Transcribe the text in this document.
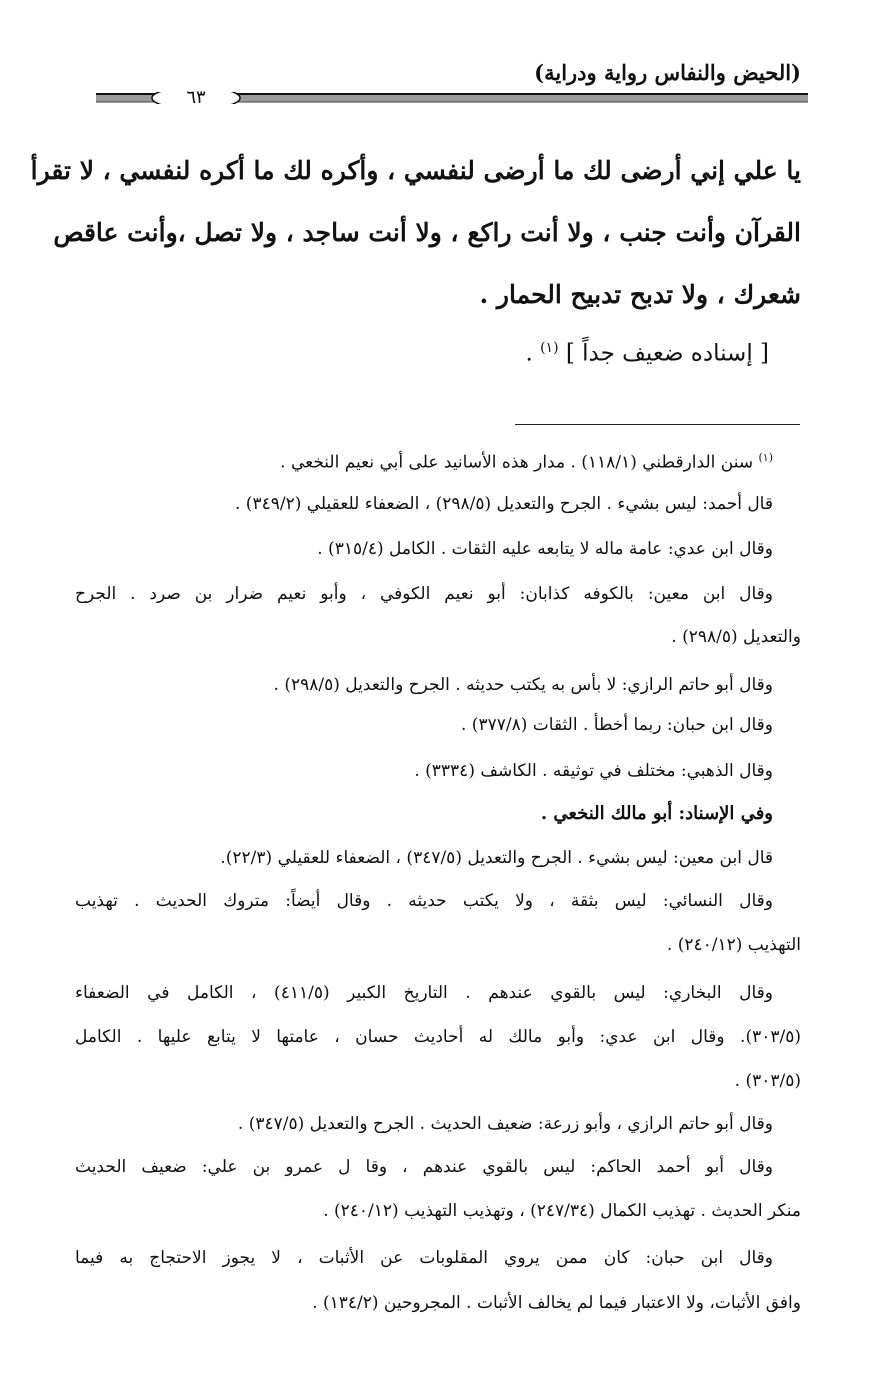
(الحيض والنفاس رواية ودراية)
٦٣
يا علي إني أرضى لك ما أرضى لنفسي ، وأكره لك ما أكره لنفسي ، لا تقرأ
القرآن وأنت جنب ، ولا أنت راكع ، ولا أنت ساجد ، ولا تصل ،وأنت عاقص
شعرك ، ولا تدبح تدبيح الحمار .
[ إسناده ضعيف جداً ] $^{(١)}$ .
$^{(١)}$ سنن الدارقطني (١١٨/١) . مدار هذه الأسانيد على أبي نعيم النخعي .
قال أحمد: ليس بشيء . الجرح والتعديل (٢٩٨/٥) ، الضعفاء للعقيلي (٣٤٩/٢) .
وقال ابن عدي: عامة ماله لا يتابعه عليه الثقات . الكامل (٣١٥/٤) .
وقال ابن معين: بالكوفه كذابان: أبو نعيم الكوفي ، وأبو نعيم ضرار بن صرد . الجرح
والتعديل (٢٩٨/٥) .
وقال أبو حاتم الرازي: لا بأس به يكتب حديثه . الجرح والتعديل (٢٩٨/٥) .
وقال ابن حبان: ربما أخطأ . الثقات (٣٧٧/٨) .
وقال الذهبي: مختلف في توثيقه . الكاشف (٣٣٣٤) .
وفي الإسناد: أبو مالك النخعي .
قال ابن معين: ليس بشيء . الجرح والتعديل (٣٤٧/٥) ، الضعفاء للعقيلي (٢٢/٣).
وقال النسائي: ليس بثقة ، ولا يكتب حديثه . وقال أيضاً: متروك الحديث . تهذيب
التهذيب (٢٤٠/١٢) .
وقال البخاري: ليس بالقوي عندهم . التاريخ الكبير (٤١١/٥) ، الكامل في الضعفاء
(٣٠٣/٥). وقال ابن عدي: وأبو مالك له أحاديث حسان ، عامتها لا يتابع عليها . الكامل
(٣٠٣/٥) .
وقال أبو حاتم الرازي ، وأبو زرعة: ضعيف الحديث . الجرح والتعديل (٣٤٧/٥) .
وقال أبو أحمد الحاكم: ليس بالقوي عندهم ، وقا ل عمرو بن علي: ضعيف الحديث
منكر الحديث . تهذيب الكمال (٢٤٧/٣٤) ، وتهذيب التهذيب (٢٤٠/١٢) .
وقال ابن حبان: كان ممن يروي المقلوبات عن الأثبات ، لا يجوز الاحتجاج به فيما
وافق الأثبات، ولا الاعتبار فيما لم يخالف الأثبات . المجروحين (١٣٤/٢) .
